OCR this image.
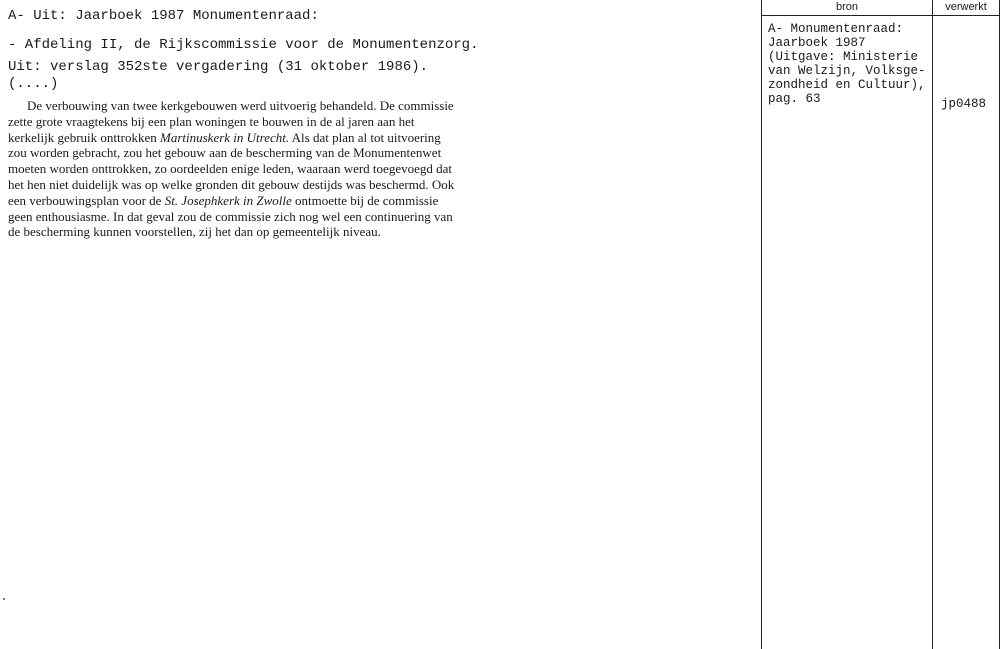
A- Uit: Jaarboek 1987 Monumentenraad:

- Afdeling II, de Rijkscommissie voor de Monumentenzorg.

Uit: verslag 352ste vergadering (31 oktober 1986).

(....)

De verbouwing van twee kerkgebouwen werd uitvoerig behandeld. De commissie
zette grote vraagtekens bij een plan woningen te bouwen in de al jaren aan het
kerkelijk gebruik onttrokken Martinuskerk in Utrecht. Als dat plan al tot uitvoering
zou worden gebracht, zou het gebouw aan de bescherming van de Monumentenwet
moeten worden onttrokken, zo oordeelden enige leden, waaraan werd toegevoegd dat
het hen niet duidelijk was op welke gronden dit gebouw destijds was beschermd. Ook
een verbouwingsplan voor de St. Josephkerk in Zwolle ontmoette bij de commissie
geen enthousiasme. In dat geval zou de commissie zich nog wel een continuering van
de bescherming kunnen voorstellen, zij het dan op gemeentelijk niveau.
bron	verwerkt
A- Monumentenraad:
Jaarboek 1987
(Uitgave: Ministerie
van Welzijn, Volksge-
zondheid en Cultuur),
pag. 63	jp0488
